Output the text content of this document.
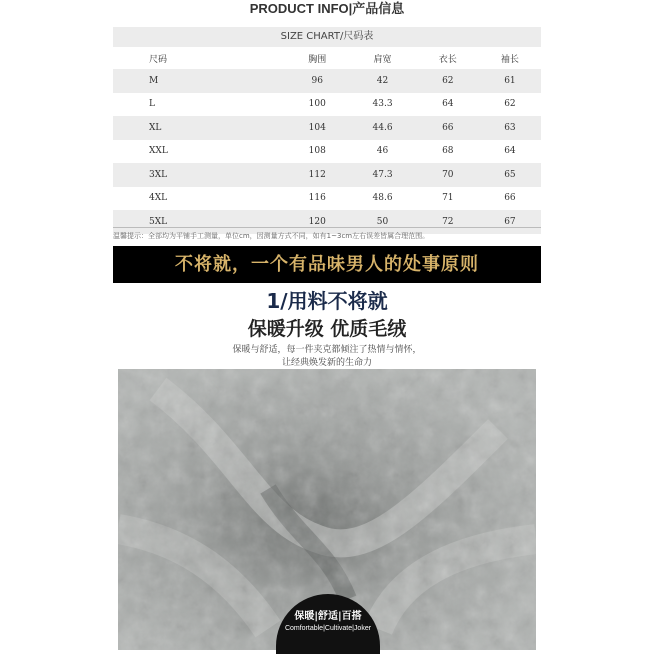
PRODUCT INFO|产品信息
SIZE CHART/尺码表
尺码	胸围	肩宽	衣长	袖长
M	96	42	62	61
L	100	43.3	64	62
XL	104	44.6	66	63
XXL	108	46	68	64
3XL	112	47.3	70	65
4XL	116	48.6	71	66
5XL	120	50	72	67
温馨提示：全部均为平铺手工测量，单位cm，因测量方式不同，如有1~3cm左右误差皆属合理范围。
不将就，一个有品味男人的处事原则
1/用料不将就
保暖升级 优质毛绒
保暖与舒适，每一件夹克都倾注了热情与情怀，
让经典焕发新的生命力
保暖|舒适|百搭
Comfortable|Cultivate|Joker
